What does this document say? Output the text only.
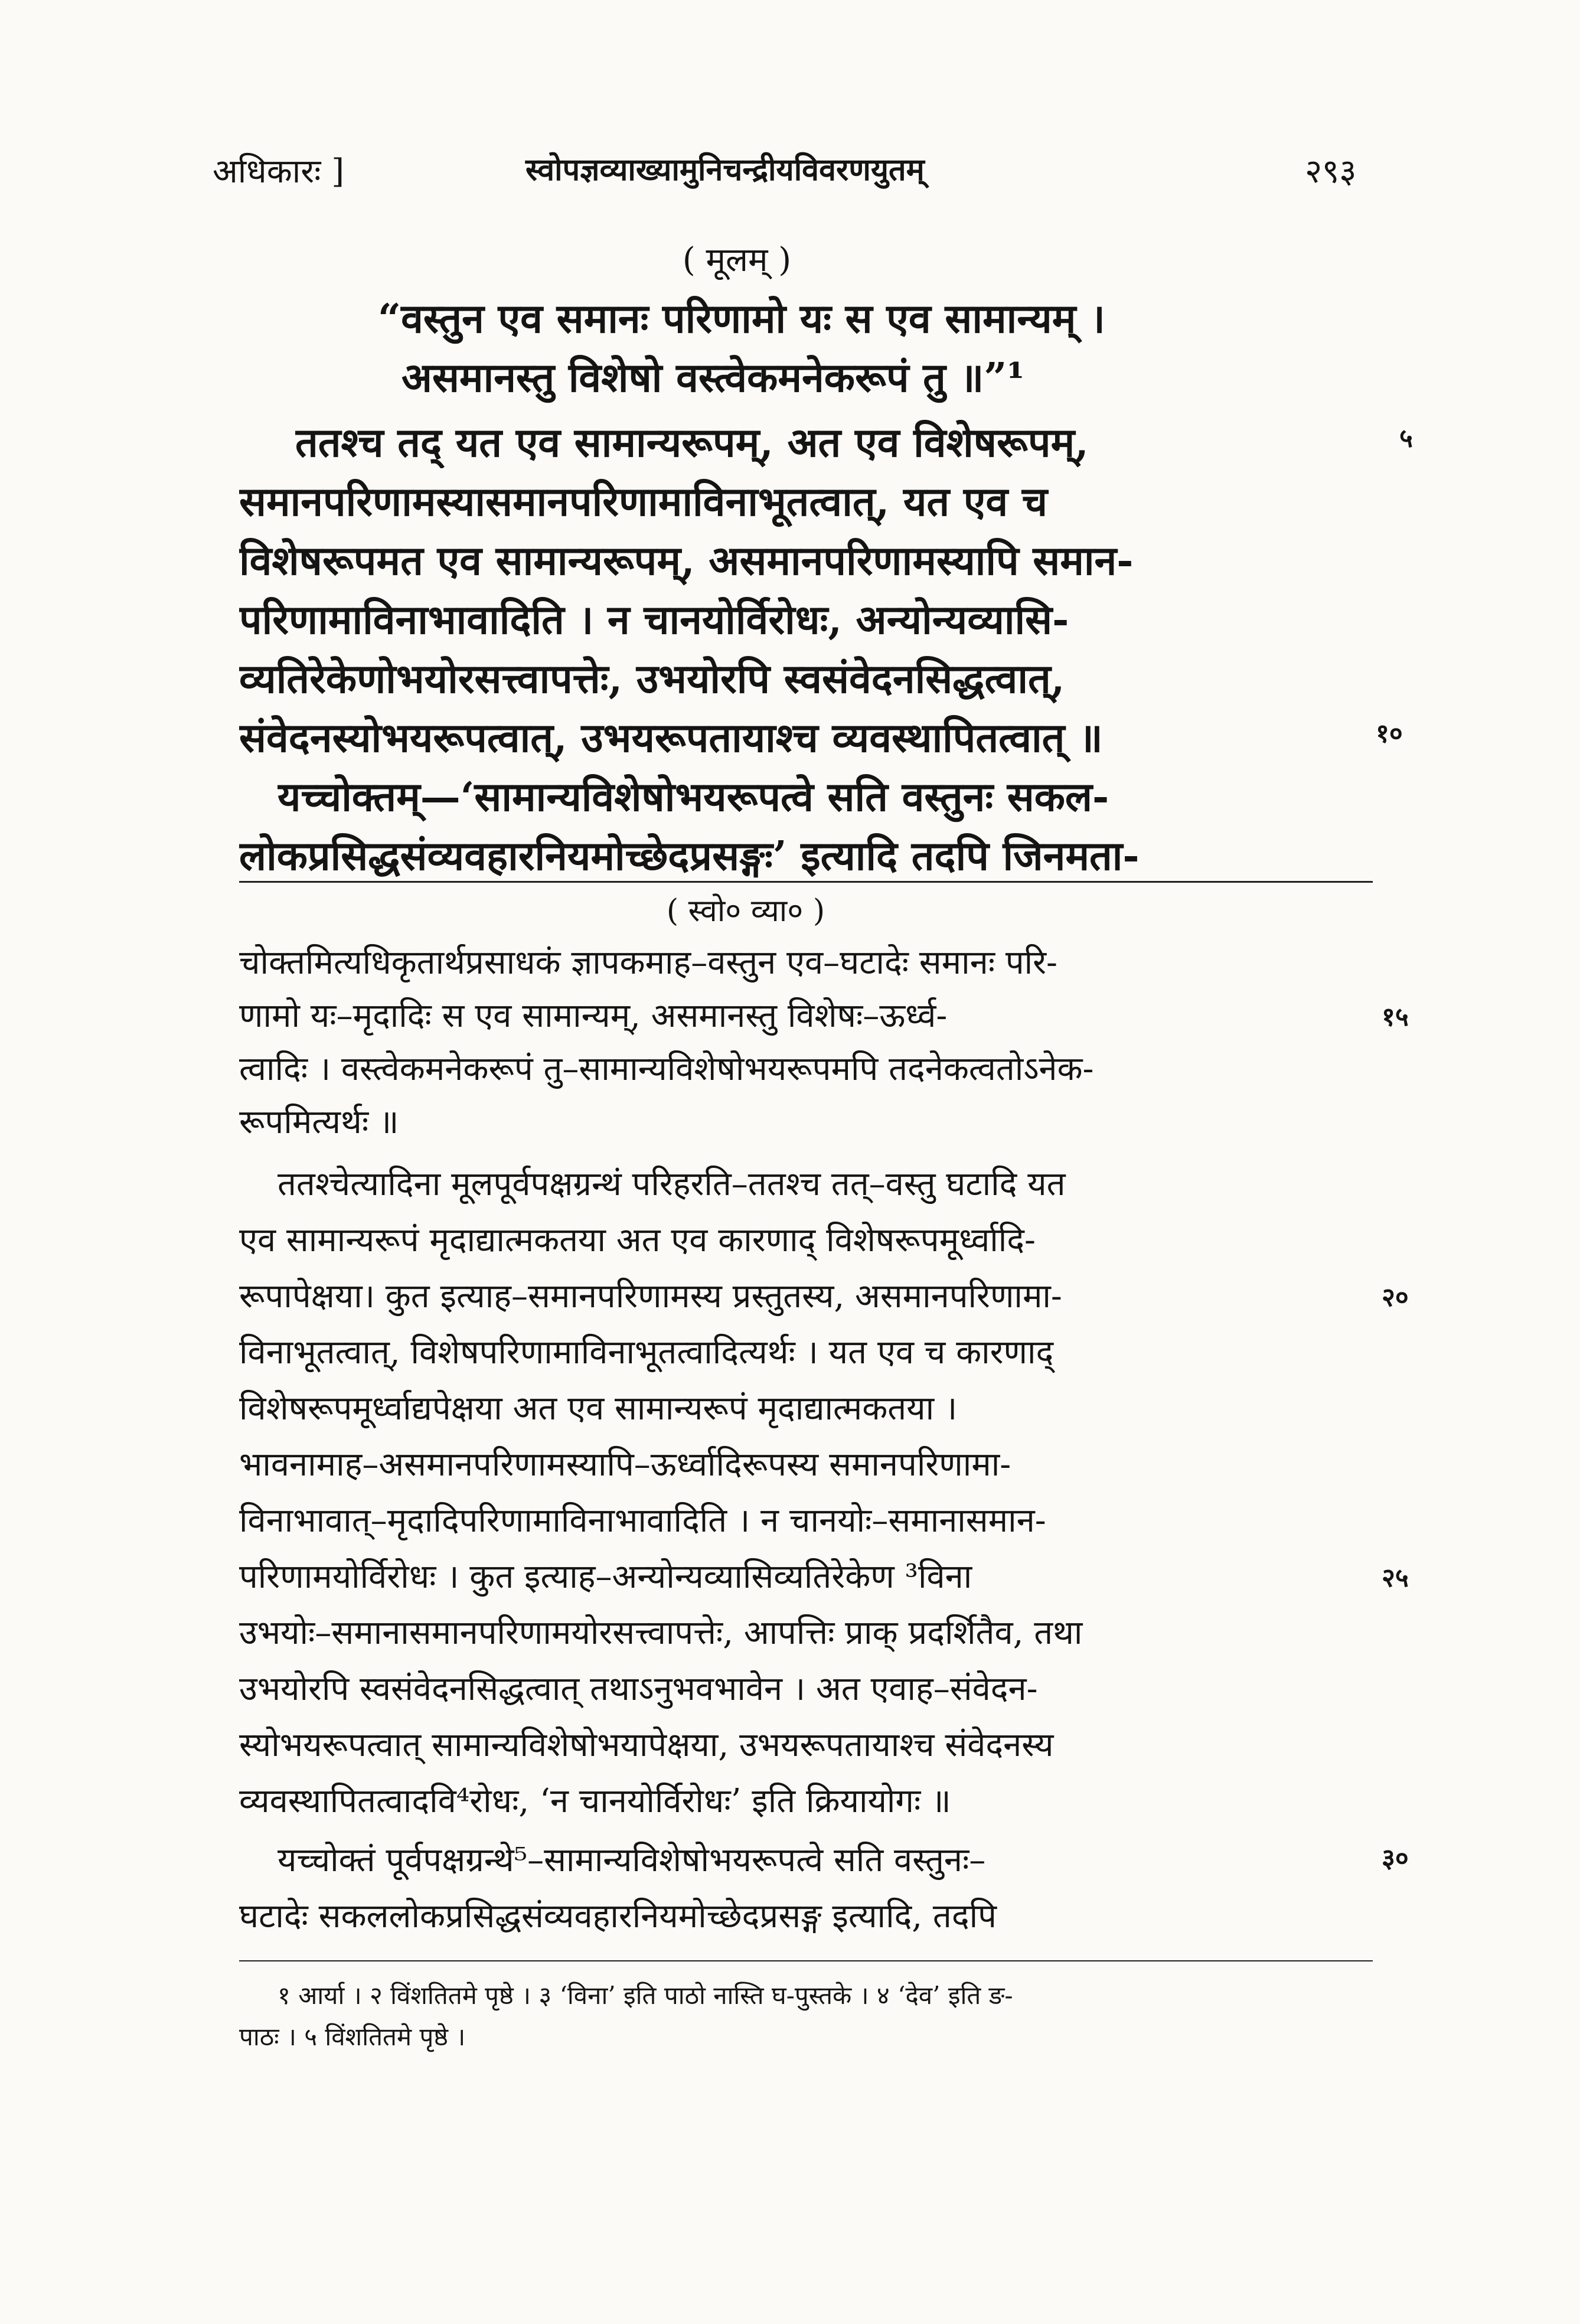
अधिकारः ]	स्वोपज्ञव्याख्यामुनिचन्द्रीयविवरणयुतम्	२९३
( मूलम् )
“वस्तुन एव समानः परिणामो यः स एव सामान्यम् ।
असमानस्तु विशेषो वस्त्वेकमनेकरूपं तु ॥”¹
ततश्च तद् यत एव सामान्यरूपम्, अत एव विशेषरूपम्,
समानपरिणामस्यासमानपरिणामाविनाभूतत्वात्, यत एव च
विशेषरूपमत एव सामान्यरूपम्, असमानपरिणामस्यापि समान-
परिणामाविनाभावादिति । न चानयोर्विरोधः, अन्योन्यव्यासि-
व्यतिरेकेणोभयोरसत्त्वापत्तेः, उभयोरपि स्वसंवेदनसिद्धत्वात्,
संवेदनस्योभयरूपत्वात्, उभयरूपतायाश्च व्यवस्थापितत्वात् ॥
यच्चोक्तम्—‘सामान्यविशेषोभयरूपत्वे सति वस्तुनः सकल-
लोकप्रसिद्धसंव्यवहारनियमोच्छेदप्रसङ्गः’ इत्यादि तदपि जिनमता-
( स्वो० व्या० )
चोक्तमित्यधिकृतार्थप्रसाधकं ज्ञापकमाह–वस्तुन एव–घटादेः समानः परि-
णामो यः–मृदादिः स एव सामान्यम्, असमानस्तु विशेषः–ऊर्ध्व-
त्वादिः । वस्त्वेकमनेकरूपं तु–सामान्यविशेषोभयरूपमपि तदनेकत्वतोऽनेक-
रूपमित्यर्थः ॥
ततश्चेत्यादिना मूलपूर्वपक्षग्रन्थं परिहरति–ततश्च तत्–वस्तु घटादि यत
एव सामान्यरूपं मृदाद्यात्मकतया अत एव कारणाद् विशेषरूपमूर्ध्वादि-
रूपापेक्षया। कुत इत्याह–समानपरिणामस्य प्रस्तुतस्य, असमानपरिणामा-
विनाभूतत्वात्, विशेषपरिणामाविनाभूतत्वादित्यर्थः । यत एव च कारणाद्
विशेषरूपमूर्ध्वाद्यपेक्षया अत एव सामान्यरूपं मृदाद्यात्मकतया ।
भावनामाह–असमानपरिणामस्यापि–ऊर्ध्वादिरूपस्य समानपरिणामा-
विनाभावात्–मृदादिपरिणामाविनाभावादिति । न चानयोः–समानासमान-
परिणामयोर्विरोधः । कुत इत्याह–अन्योन्यव्यासिव्यतिरेकेण ³विना
उभयोः–समानासमानपरिणामयोरसत्त्वापत्तेः, आपत्तिः प्राक् प्रदर्शितैव, तथा
उभयोरपि स्वसंवेदनसिद्धत्वात् तथाऽनुभवभावेन । अत एवाह–संवेदन-
स्योभयरूपत्वात् सामान्यविशेषोभयापेक्षया, उभयरूपतायाश्च संवेदनस्य
व्यवस्थापितत्वादवि⁴रोधः, ‘न चानयोर्विरोधः’ इति क्रियायोगः ॥
यच्चोक्तं पूर्वपक्षग्रन्थे⁵–सामान्यविशेषोभयरूपत्वे सति वस्तुनः–
घटादेः सकललोकप्रसिद्धसंव्यवहारनियमोच्छेदप्रसङ्ग इत्यादि, तदपि
५
१०
१५
२०
२५
३०
१ आर्या । २ विंशतितमे पृष्ठे । ३ ‘विना’ इति पाठो नास्ति घ-पुस्तके । ४ ‘देव’ इति ङ-
पाठः । ५ विंशतितमे पृष्ठे ।
